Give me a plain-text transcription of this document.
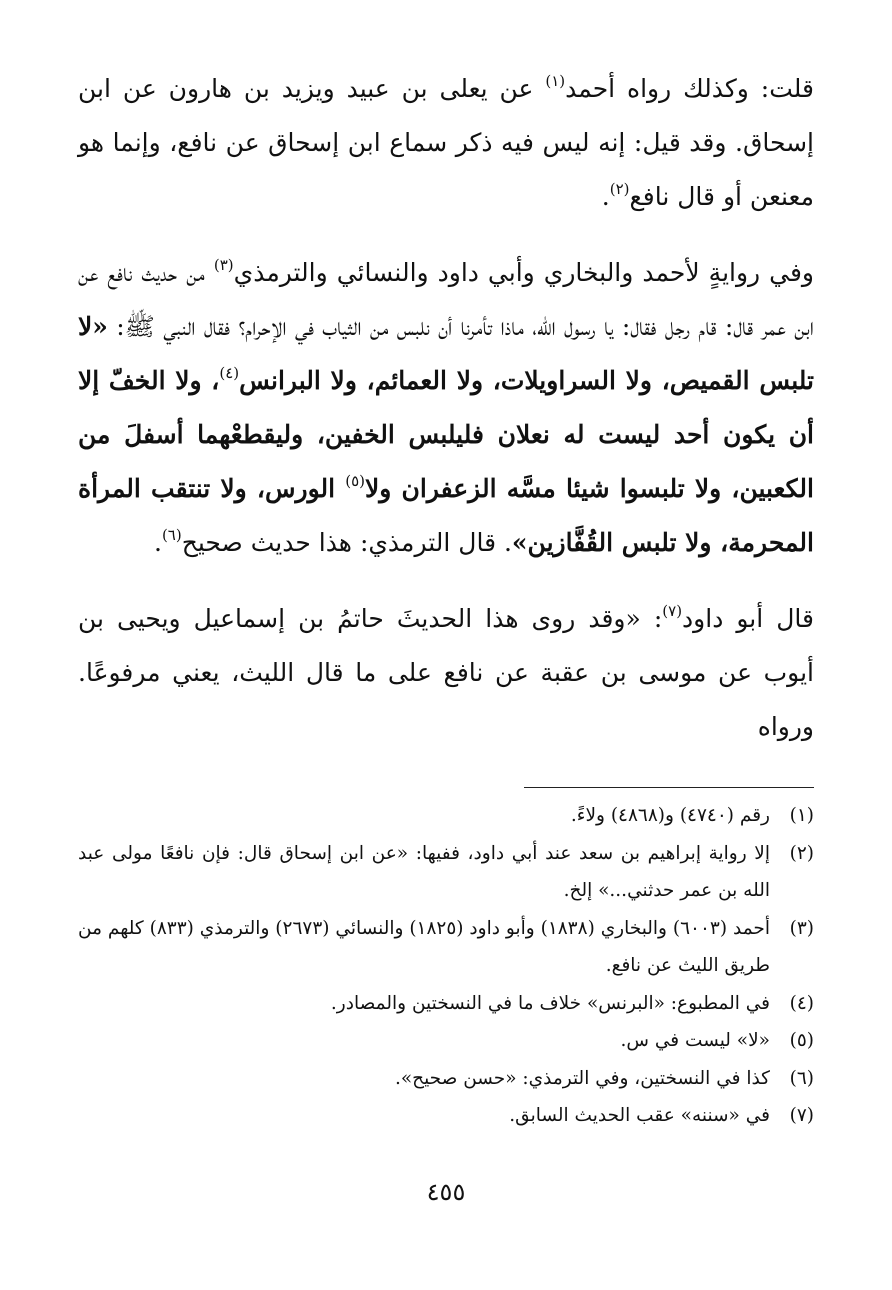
قلت: وكذلك رواه أحمد$^{(١)}$ عن يعلى بن عبيد ويزيد بن هارون عن ابن إسحاق. وقد قيل: إنه ليس فيه ذكر سماع ابن إسحاق عن نافع، وإنما هو معنعن أو قال نافع$^{(٢)}$.

وفي روايةٍ لأحمد والبخاري وأبي داود والنسائي والترمذي$^{(٣)}$ من حديث نافع عن ابن عمر قال: قام رجل فقال: يا رسول الله، ماذا تأمرنا أن نلبس من الثياب في الإحرام؟ فقال النبي ﷺ: «لا تلبس القميص، ولا السراويلات، ولا العمائم، ولا البرانس$^{(٤)}$، ولا الخفّ إلا أن يكون أحد ليست له نعلان فليلبس الخفين، وليقطعْهما أسفلَ من الكعبين، ولا تلبسوا شيئا مسَّه الزعفران ولا$^{(٥)}$ الورس، ولا تنتقب المرأة المحرمة، ولا تلبس القُفَّازين». قال الترمذي: هذا حديث صحيح$^{(٦)}$.

قال أبو داود$^{(٧)}$: «وقد روى هذا الحديثَ حاتمُ بن إسماعيل ويحيى بن أيوب عن موسى بن عقبة عن نافع على ما قال الليث، يعني مرفوعًا. ورواه

(١)
رقم (٤٧٤٠) و(٤٨٦٨) ولاءً.
(٢)
إلا رواية إبراهيم بن سعد عند أبي داود، ففيها: «عن ابن إسحاق قال: فإن نافعًا مولى عبد الله بن عمر حدثني...» إلخ.
(٣)
أحمد (٦٠٠٣) والبخاري (١٨٣٨) وأبو داود (١٨٢٥) والنسائي (٢٦٧٣) والترمذي (٨٣٣) كلهم من طريق الليث عن نافع.
(٤)
في المطبوع: «البرنس» خلاف ما في النسختين والمصادر.
(٥)
«لا» ليست في س.
(٦)
كذا في النسختين، وفي الترمذي: «حسن صحيح».
(٧)
في «سننه» عقب الحديث السابق.
٤٥٥
